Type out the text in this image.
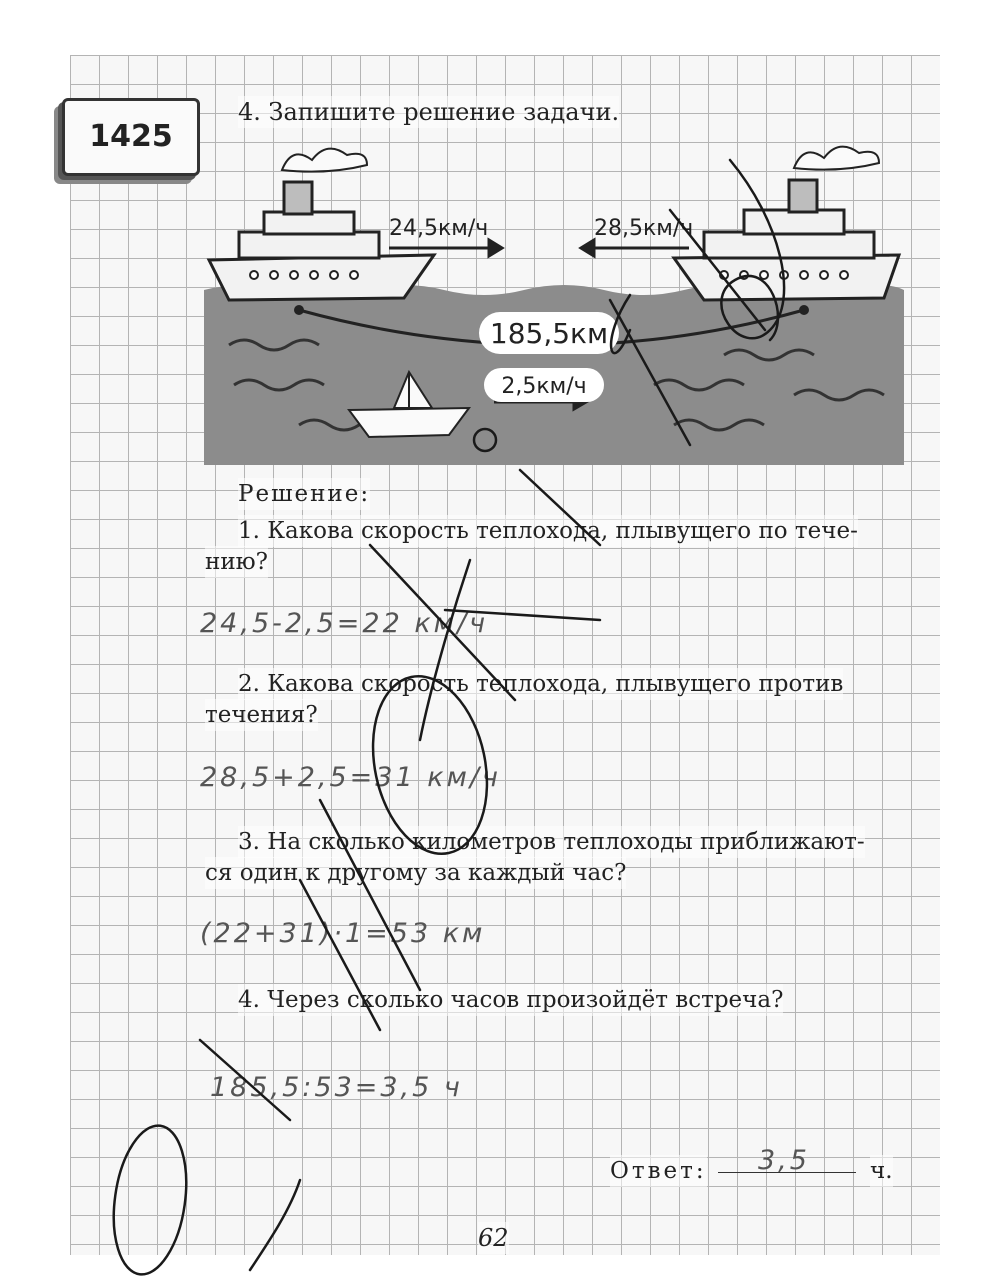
1425
4. Запишите решение задачи.
24,5км/ч	28,5км/ч
185,5км
2,5км/ч
Решение:
1. Какова скорость теплохода, плывущего по тече-
нию?
24,5-2,5=22 км/ч
2. Какова скорость теплохода, плывущего против
течения?
28,5+2,5=31 км/ч
3. На сколько километров теплоходы приближают-
ся один к другому за каждый час?
(22+31)·1=53 км
4. Через сколько часов произойдёт встреча?
185,5:53=3,5 ч
Ответ: 3,5	ч.
62
